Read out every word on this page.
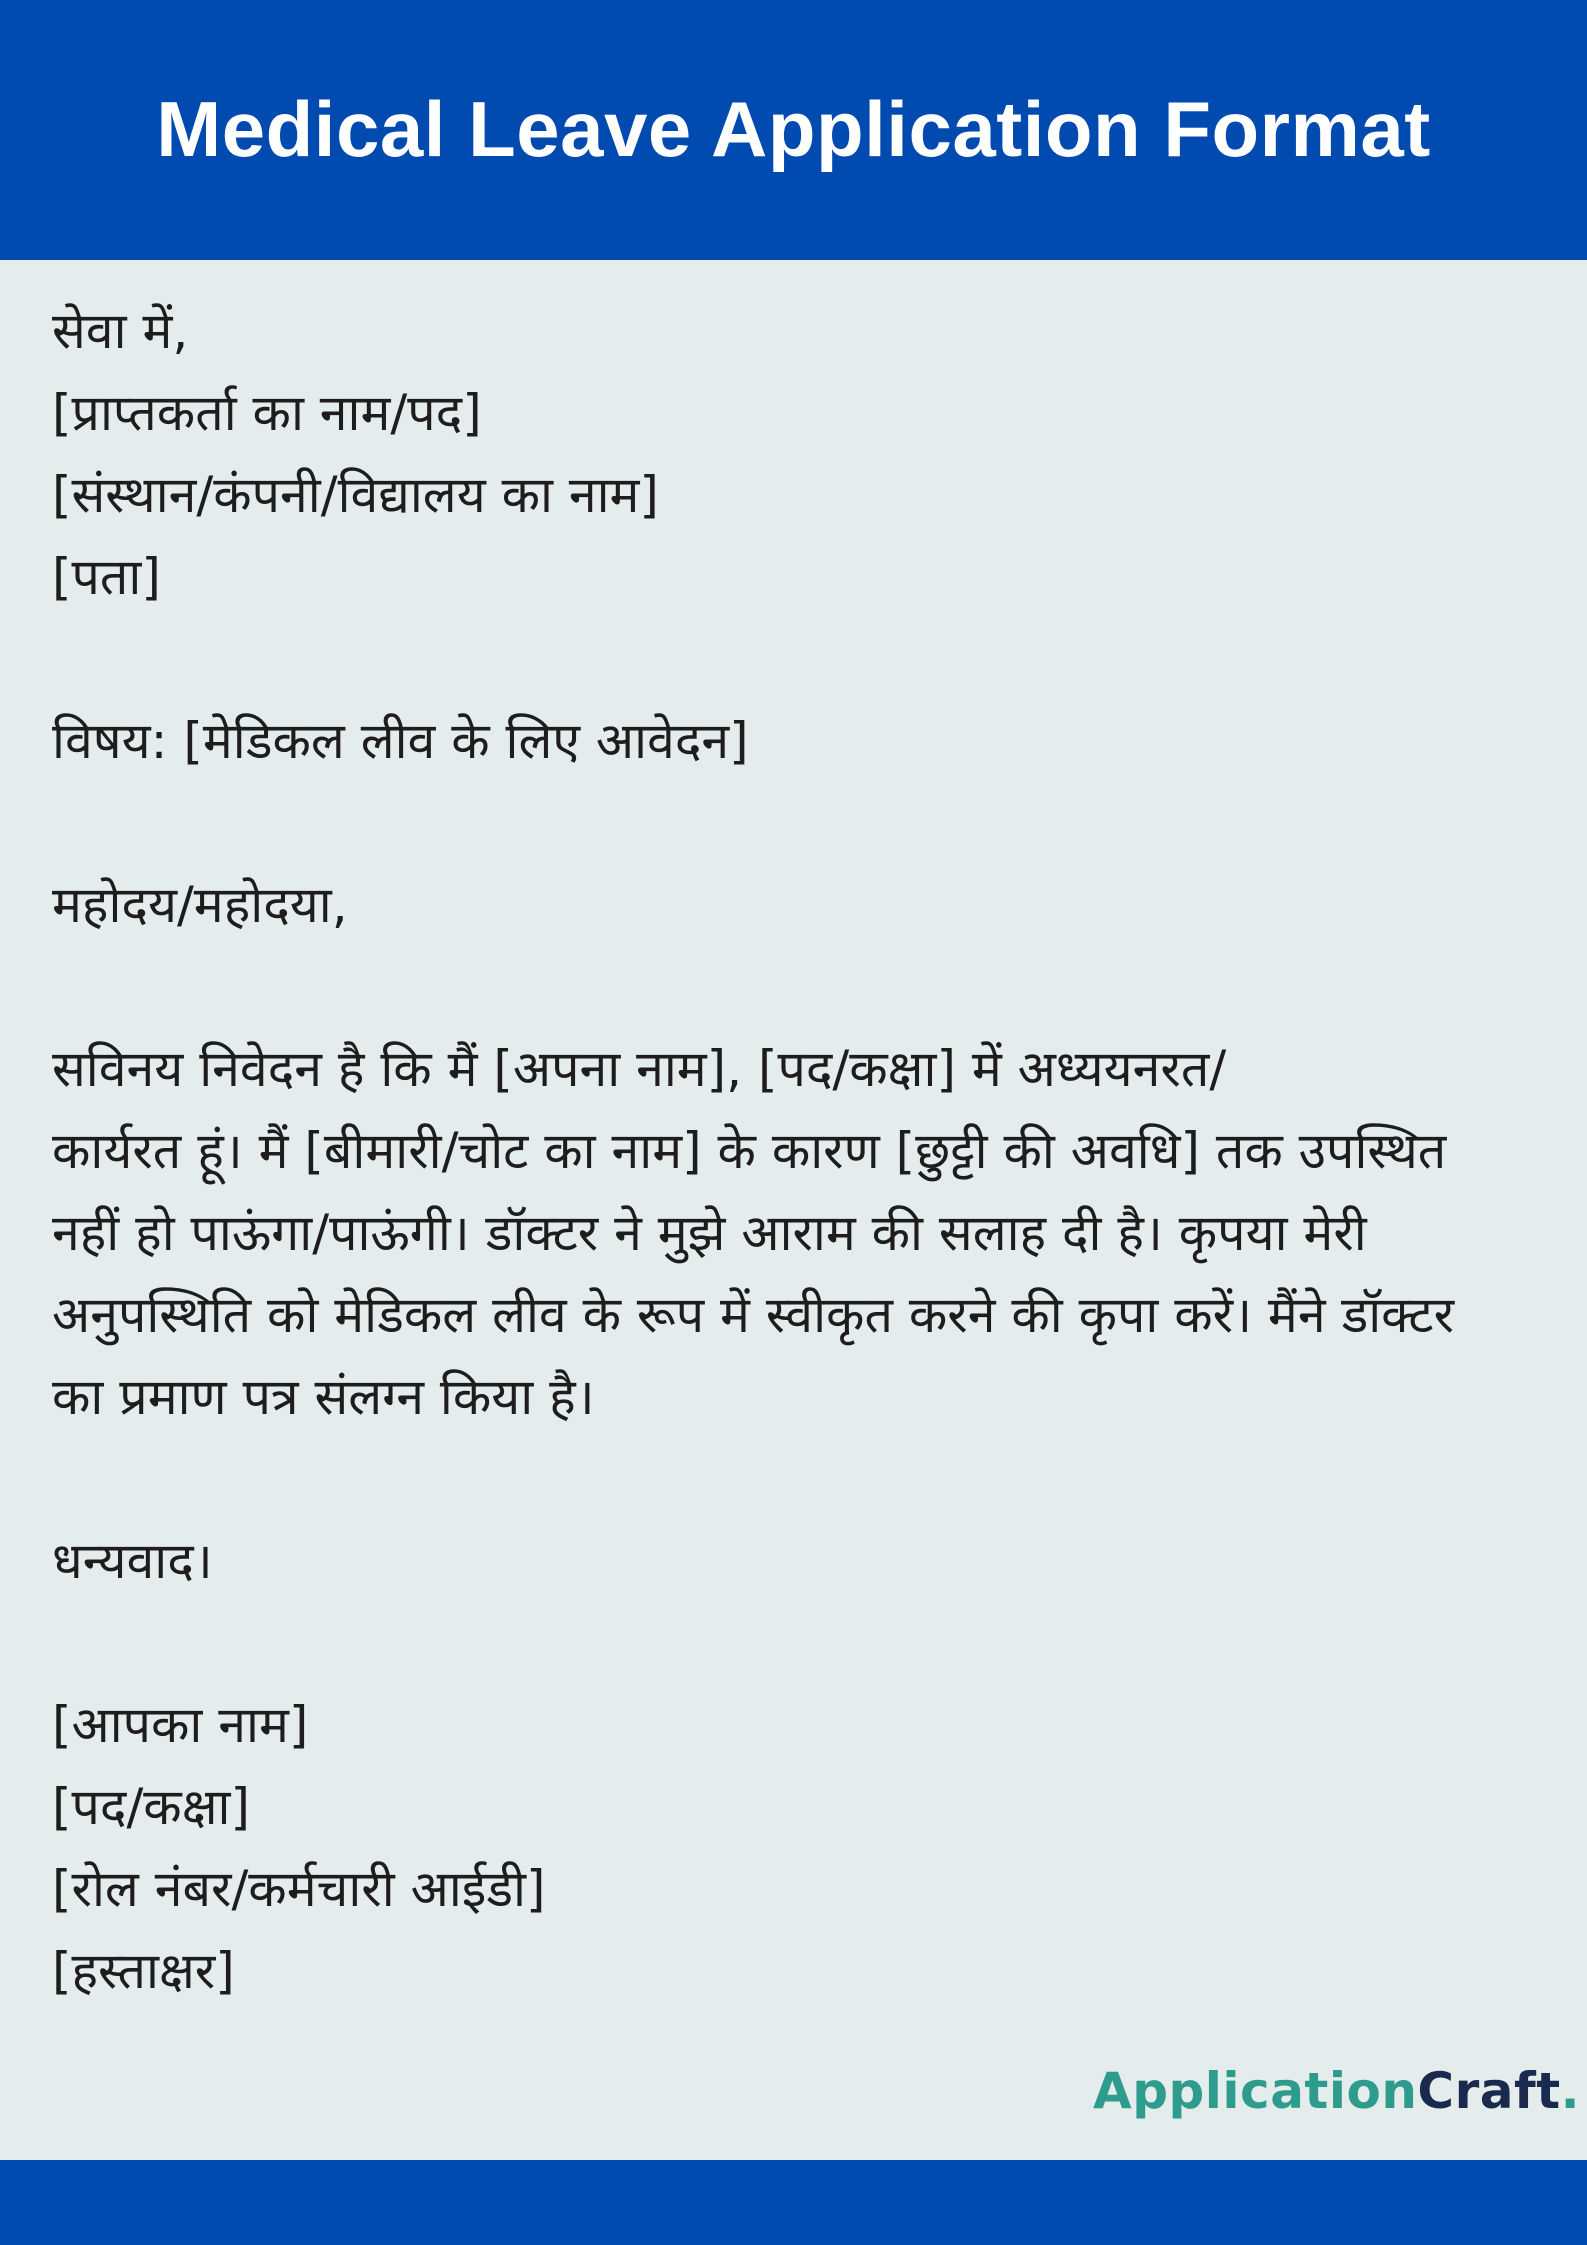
Medical Leave Application Format
सेवा में,
[प्राप्तकर्ता का नाम/पद]
[संस्थान/कंपनी/विद्यालय का नाम]
[पता]
विषय: [मेडिकल लीव के लिए आवेदन]
महोदय/महोदया,
सविनय निवेदन है कि मैं [अपना नाम], [पद/कक्षा] में अध्ययनरत/
कार्यरत हूं। मैं [बीमारी/चोट का नाम] के कारण [छुट्टी की अवधि] तक उपस्थित नहीं हो पाऊंगा/पाऊंगी। डॉक्टर ने मुझे आराम की सलाह दी है। कृपया मेरी अनुपस्थिति को मेडिकल लीव के रूप में स्वीकृत करने की कृपा करें। मैंने डॉक्टर का प्रमाण पत्र संलग्न किया है।
धन्यवाद।
[आपका नाम]
[पद/कक्षा]
[रोल नंबर/कर्मचारी आईडी]
[हस्ताक्षर]
ApplicationCraft.
